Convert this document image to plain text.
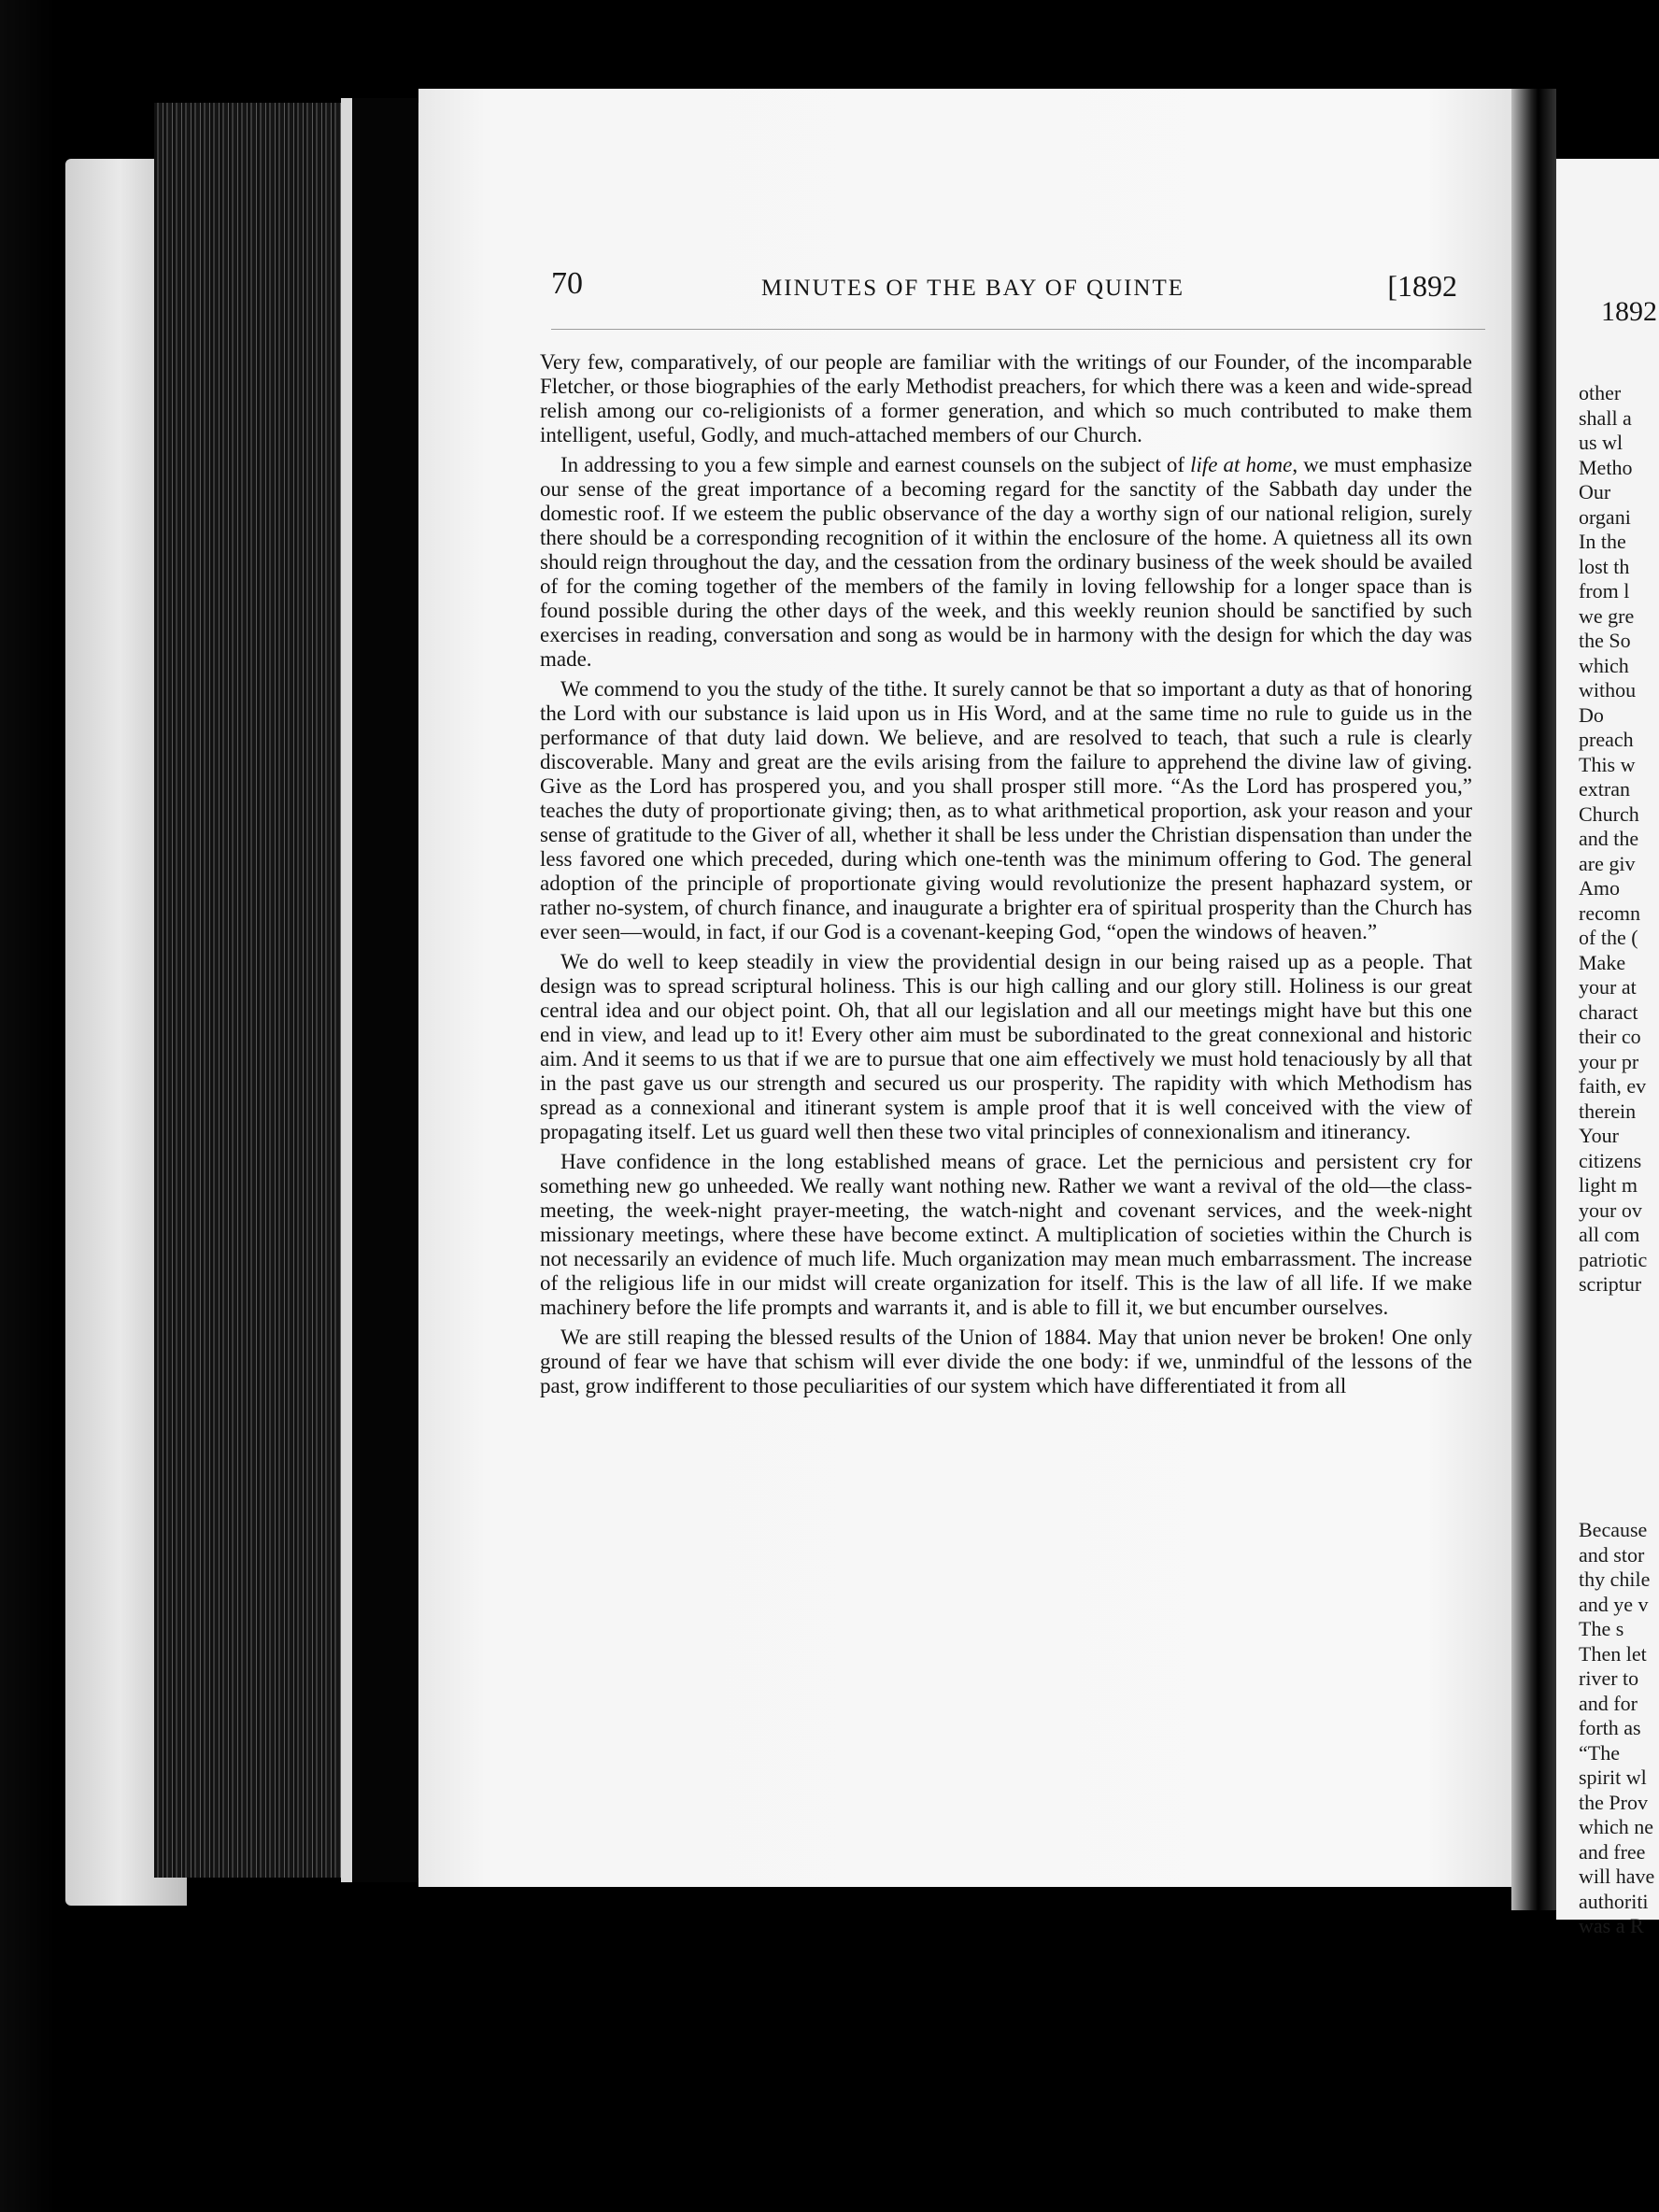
70	MINUTES OF THE BAY OF QUINTE	[1892

Very few, comparatively, of our people are familiar with the writings of our Founder, of the incomparable Fletcher, or those biographies of the early Methodist preachers, for which there was a keen and wide-spread relish among our co-religionists of a former generation, and which so much contributed to make them intelligent, useful, Godly, and much-attached members of our Church.

In addressing to you a few simple and earnest counsels on the subject of life at home, we must emphasize our sense of the great importance of a becoming regard for the sanctity of the Sabbath day under the domestic roof. If we esteem the public observance of the day a worthy sign of our national religion, surely there should be a corresponding recognition of it within the enclosure of the home. A quietness all its own should reign throughout the day, and the cessation from the ordinary business of the week should be availed of for the coming together of the members of the family in loving fellowship for a longer space than is found possible during the other days of the week, and this weekly reunion should be sanctified by such exercises in reading, conversation and song as would be in harmony with the design for which the day was made.

We commend to you the study of the tithe. It surely cannot be that so important a duty as that of honoring the Lord with our substance is laid upon us in His Word, and at the same time no rule to guide us in the performance of that duty laid down. We believe, and are resolved to teach, that such a rule is clearly discoverable. Many and great are the evils arising from the failure to apprehend the divine law of giving. Give as the Lord has prospered you, and you shall prosper still more. “As the Lord has prospered you,” teaches the duty of proportionate giving; then, as to what arithmetical proportion, ask your reason and your sense of gratitude to the Giver of all, whether it shall be less under the Christian dispensation than under the less favored one which preceded, during which one-tenth was the minimum offering to God. The general adoption of the principle of proportionate giving would revolutionize the present haphazard system, or rather no-system, of church finance, and inaugurate a brighter era of spiritual prosperity than the Church has ever seen—would, in fact, if our God is a covenant-keeping God, “open the windows of heaven.”

We do well to keep steadily in view the providential design in our being raised up as a people. That design was to spread scriptural holiness. This is our high calling and our glory still. Holiness is our great central idea and our object point. Oh, that all our legislation and all our meetings might have but this one end in view, and lead up to it! Every other aim must be subordinated to the great connexional and historic aim. And it seems to us that if we are to pursue that one aim effectively we must hold tenaciously by all that in the past gave us our strength and secured us our prosperity. The rapidity with which Methodism has spread as a connexional and itinerant system is ample proof that it is well conceived with the view of propagating itself. Let us guard well then these two vital principles of connexionalism and itinerancy.

Have confidence in the long established means of grace. Let the pernicious and persistent cry for something new go unheeded. We really want nothing new. Rather we want a revival of the old—the class-meeting, the week-night prayer-meeting, the watch-night and covenant services, and the week-night missionary meetings, where these have become extinct. A multiplication of societies within the Church is not necessarily an evidence of much life. Much organization may mean much embarrassment. The increase of the religious life in our midst will create organization for itself. This is the law of all life. If we make machinery before the life prompts and warrants it, and is able to fill it, we but encumber ourselves.

We are still reaping the blessed results of the Union of 1884. May that union never be broken! One only ground of fear we have that schism will ever divide the one body: if we, unmindful of the lessons of the past, grow indifferent to those peculiarities of our system which have differentiated it from all

1892
other
shall a
us wl
Metho
Our
organi
In the
lost th
from l
we gre
the So
which
withou
Do
preach
This w
extran
Church
and the
are giv
Amo
recomn
of the (
Make
your at
charact
their co
your pr
faith, ev
therein
Your
citizens
light m
your ov
all com
patriotic
scriptur
Because
and stor
thy chile
and ye v
The s
Then let
river to
and for
forth as
“The
spirit wl
the Prov
which ne
and free
will have
authoriti
was a R
